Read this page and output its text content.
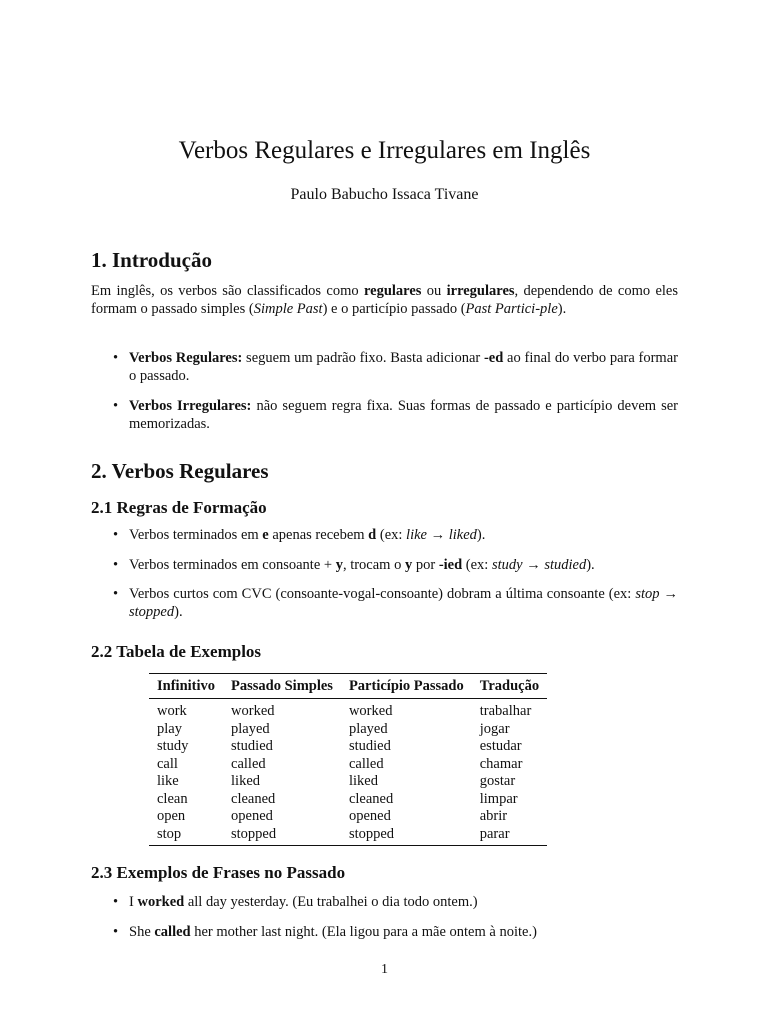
Verbos Regulares e Irregulares em Inglês
Paulo Babucho Issaca Tivane
1. Introdução
Em inglês, os verbos são classificados como regulares ou irregulares, dependendo de como eles formam o passado simples (Simple Past) e o particípio passado (Past Partici-ple).
• Verbos Regulares: seguem um padrão fixo. Basta adicionar -ed ao final do verbo para formar o passado.
• Verbos Irregulares: não seguem regra fixa. Suas formas de passado e particípio devem ser memorizadas.
2. Verbos Regulares
2.1 Regras de Formação
• Verbos terminados em e apenas recebem d (ex: like → liked).
• Verbos terminados em consoante + y, trocam o y por -ied (ex: study → studied).
• Verbos curtos com CVC (consoante-vogal-consoante) dobram a última consoante (ex: stop → stopped).
2.2 Tabela de Exemplos
Infinitivo	Passado Simples	Particípio Passado	Tradução
work	worked	worked	trabalhar
play	played	played	jogar
study	studied	studied	estudar
call	called	called	chamar
like	liked	liked	gostar
clean	cleaned	cleaned	limpar
open	opened	opened	abrir
stop	stopped	stopped	parar
2.3 Exemplos de Frases no Passado
• I worked all day yesterday. (Eu trabalhei o dia todo ontem.)
• She called her mother last night. (Ela ligou para a mãe ontem à noite.)
1
